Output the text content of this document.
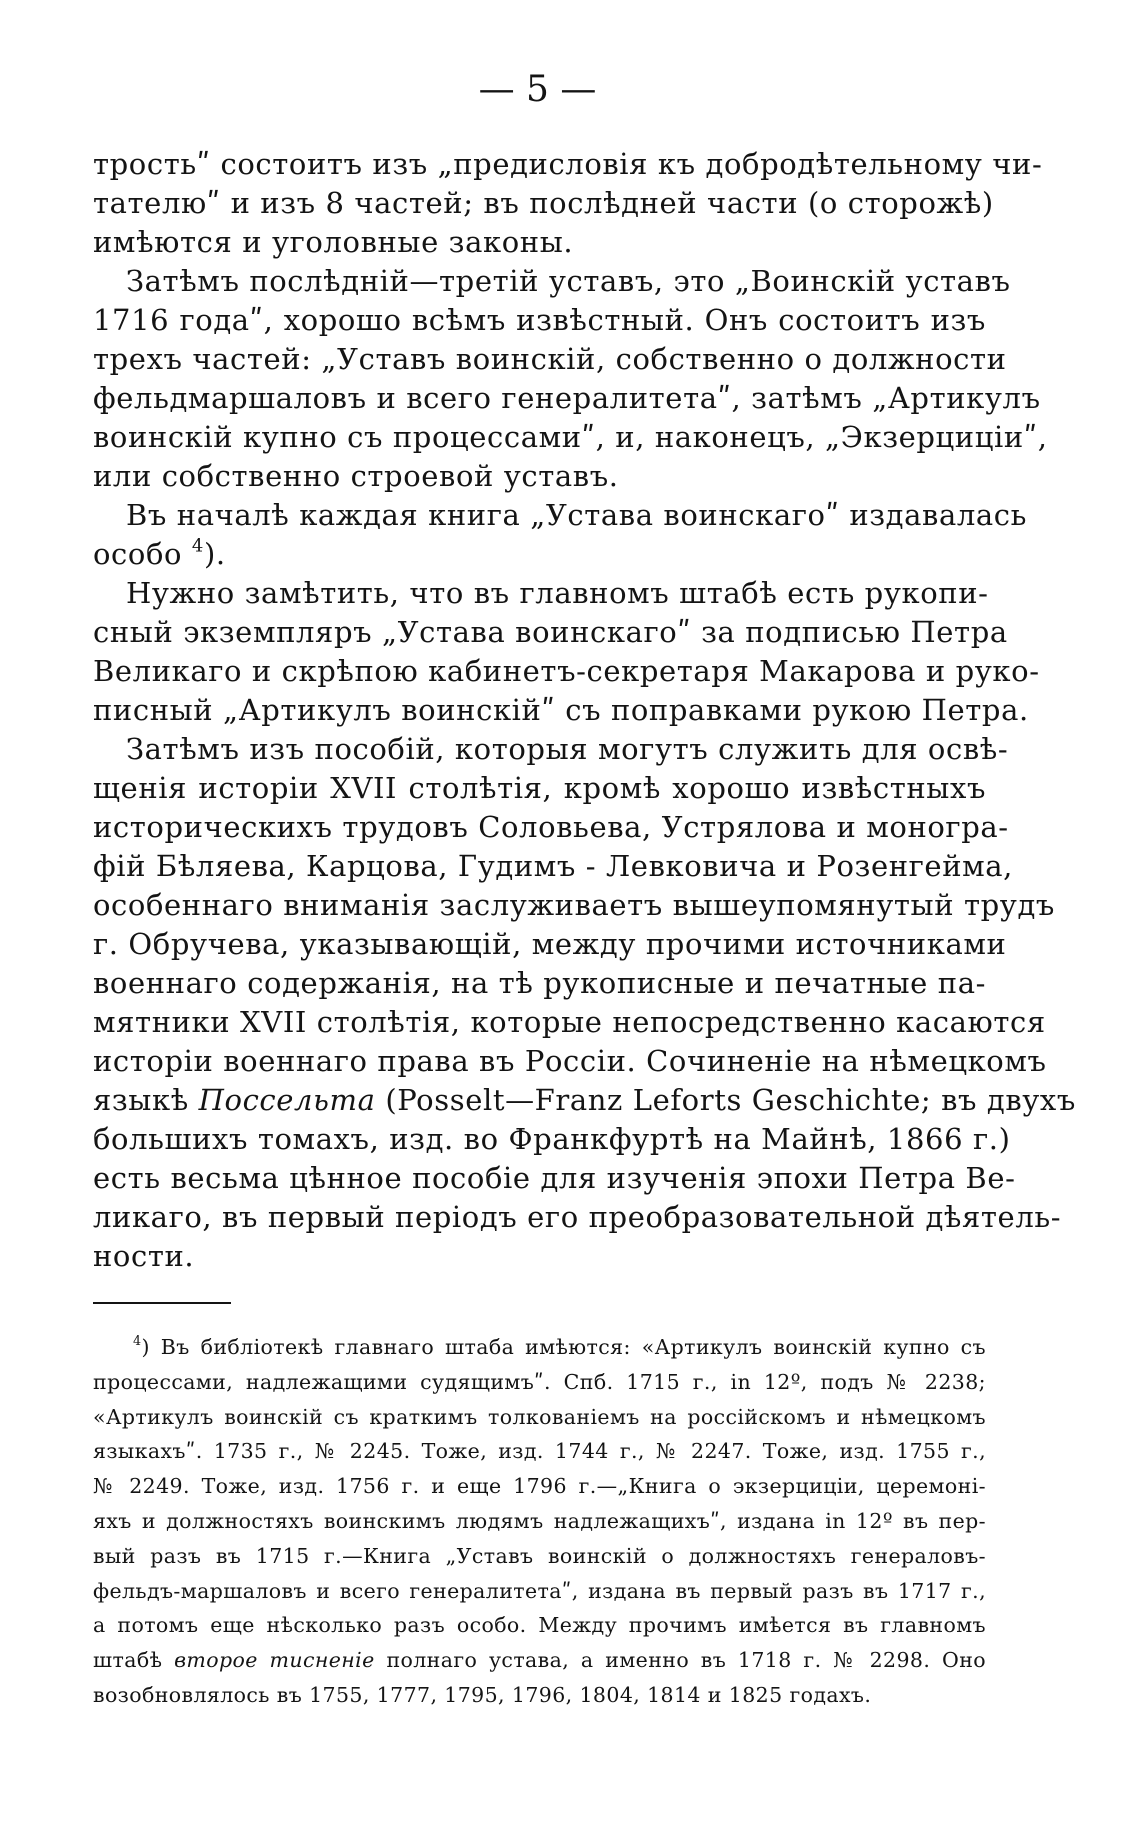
— 5 —

тростьʺ состоитъ изъ „предисловія къ добродѣтельному чи-
тателюʺ и изъ 8 частей; въ послѣдней части (о сторожѣ)
имѣются и уголовные законы.

Затѣмъ послѣдній—третій уставъ, это „Воинскій уставъ
1716 годаʺ, хорошо всѣмъ извѣстный. Онъ состоитъ изъ
трехъ частей: „Уставъ воинскій, собственно о должности
фельдмаршаловъ и всего генералитетаʺ, затѣмъ „Артикулъ
воинскій купно съ процессамиʺ, и, наконецъ, „Экзерциціиʺ,
или собственно строевой уставъ.

Въ началѣ каждая книга „Устава воинскагоʺ издавалась
особо $^4$).

Нужно замѣтить, что въ главномъ штабѣ есть рукопи-
сный экземпляръ „Устава воинскагоʺ за подписью Петра
Великаго и скрѣпою кабинетъ-секретаря Макарова и руко-
писный „Артикулъ воинскійʺ съ поправками рукою Петра.

Затѣмъ изъ пособій, которыя могутъ служить для освѣ-
щенія исторіи XVII столѣтія, кромѣ хорошо извѣстныхъ
историческихъ трудовъ Соловьева, Устрялова и моногра-
фій Бѣляева, Карцова, Гудимъ - Левковича и Розенгейма,
особеннаго вниманія заслуживаетъ вышеупомянутый трудъ
г. Обручева, указывающій, между прочими источниками
военнаго содержанія, на тѣ рукописные и печатные па-
мятники XVII столѣтія, которые непосредственно касаются
исторіи военнаго права въ Россіи. Сочиненіе на нѣмецкомъ
языкѣ Поссельта (Posselt—Franz Leforts Geschichte; въ двухъ
большихъ томахъ, изд. во Франкфуртѣ на Майнѣ, 1866 г.)
есть весьма цѣнное пособіе для изученія эпохи Петра Ве-
ликаго, въ первый періодъ его преобразовательной дѣятель-
ности.

$^4$) Въ библіотекѣ главнаго штаба имѣются: «Артикулъ воинскій купно съ
процессами, надлежащими судящимъʺ. Спб. 1715 г., in 12º, подъ № 2238;
«Артикулъ воинскій съ краткимъ толкованіемъ на россійскомъ и нѣмецкомъ
языкахъʺ. 1735 г., № 2245. Тоже, изд. 1744 г., № 2247. Тоже, изд. 1755 г.,
№ 2249. Тоже, изд. 1756 г. и еще 1796 г.—„Книга о экзерциціи, церемоні-
яхъ и должностяхъ воинскимъ людямъ надлежащихъʺ, издана in 12º въ пер-
вый разъ въ 1715 г.—Книга „Уставъ воинскій о должностяхъ генераловъ-
фельдъ-маршаловъ и всего генералитетаʺ, издана въ первый разъ въ 1717 г.,
а потомъ еще нѣсколько разъ особо. Между прочимъ имѣется въ главномъ
штабѣ второе тисненіе полнаго устава, а именно въ 1718 г. № 2298. Оно
возобновлялось въ 1755, 1777, 1795, 1796, 1804, 1814 и 1825 годахъ.
